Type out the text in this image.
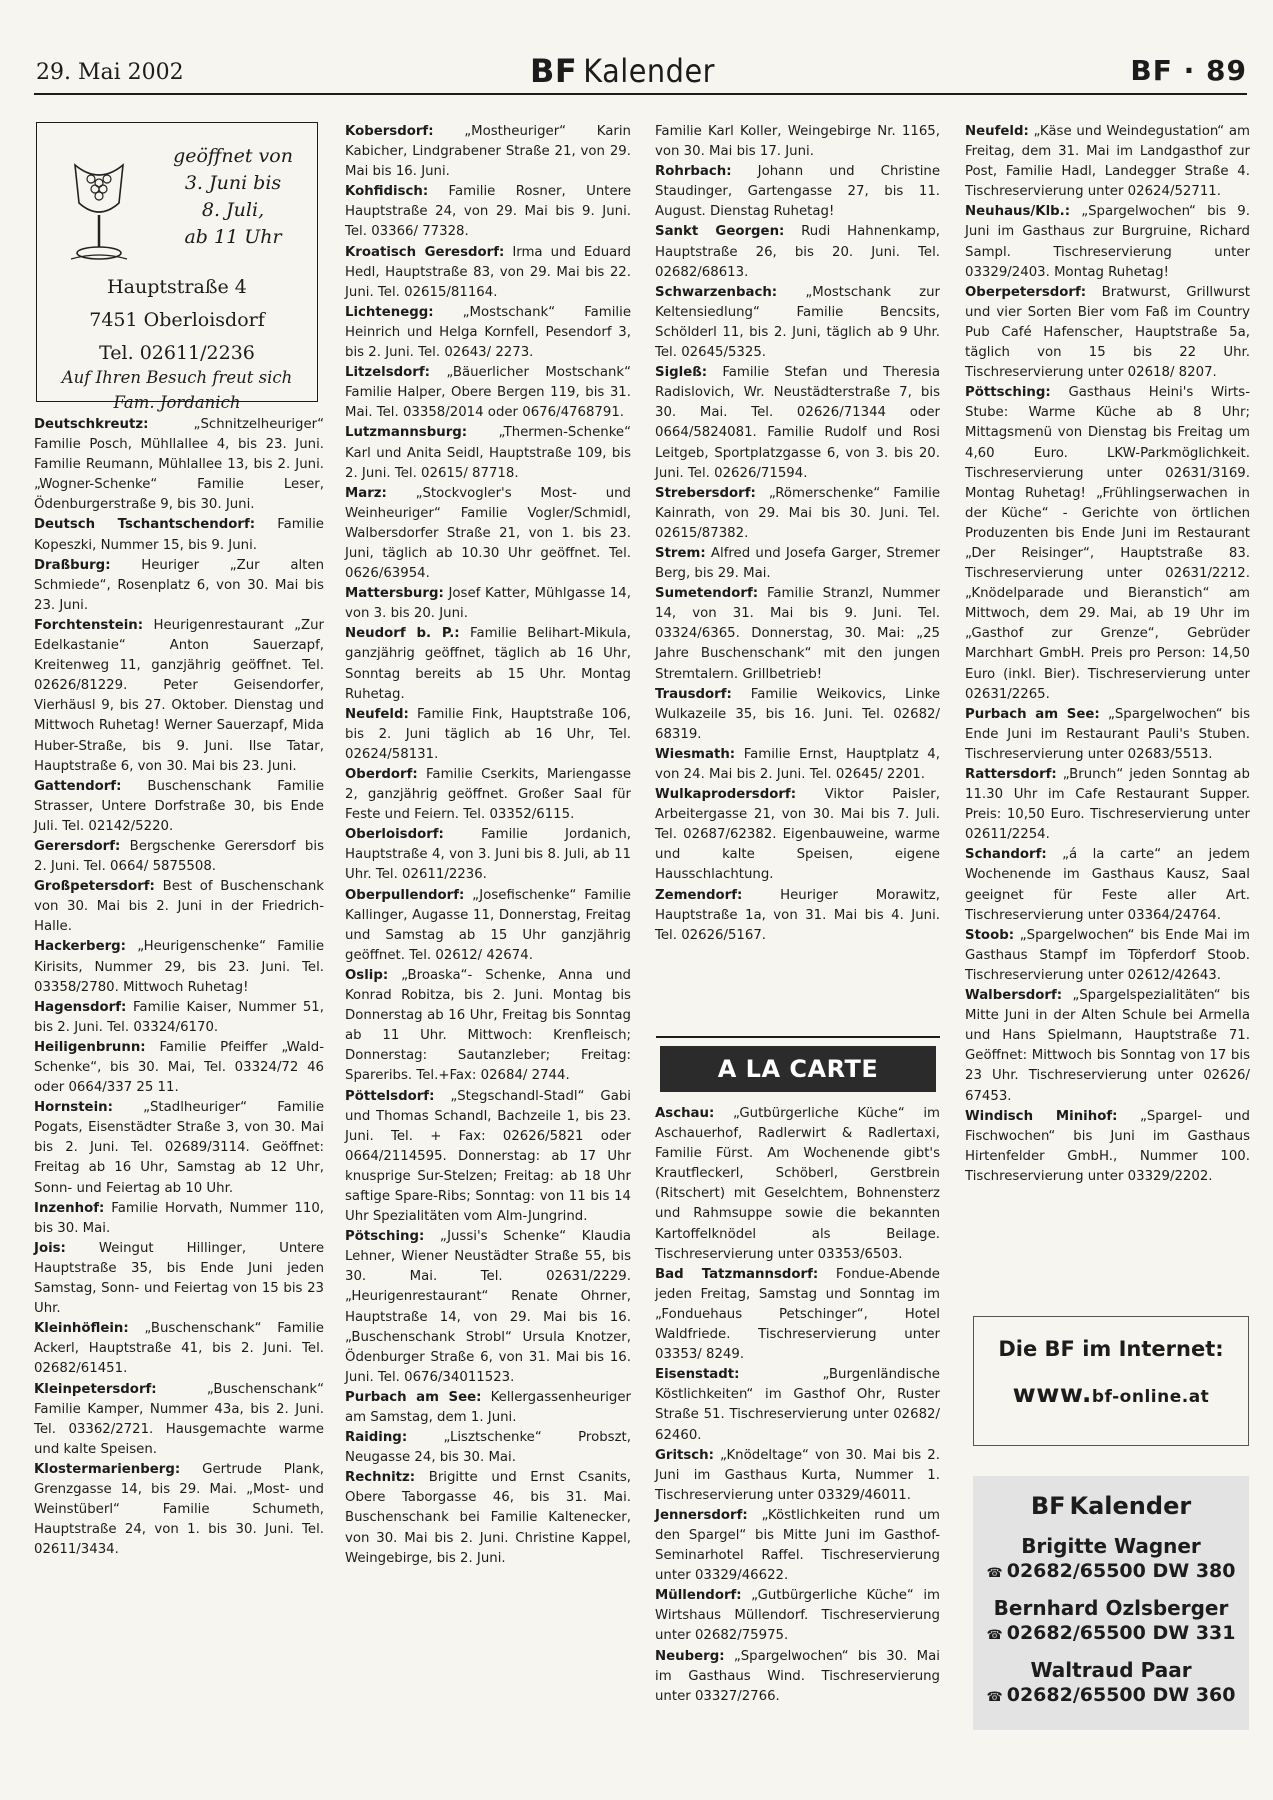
29. Mai 2002	BF Kalender	BF · 89
geöffnet von
3. Juni bis
8. Juli,
ab 11 Uhr
Hauptstraße 4
7451 Oberloisdorf
Tel. 02611/2236
Auf Ihren Besuch freut sich
Fam. Jordanich

Deutschkreutz: „Schnitzelheuriger“ Familie Posch, Mühllallee 4, bis 23. Juni. Familie Reumann, Mühlallee 13, bis 2. Juni. „Wogner-Schenke“ Familie Leser, Ödenburgerstraße 9, bis 30. Juni.

Deutsch Tschantschendorf: Familie Kopeszki, Nummer 15, bis 9. Juni.

Draßburg: Heuriger „Zur alten Schmiede“, Rosenplatz 6, von 30. Mai bis 23. Juni.

Forchtenstein: Heurigenrestaurant „Zur Edelkastanie“ Anton Sauerzapf, Kreitenweg 11, ganzjährig geöffnet. Tel. 02626/81229. Peter Geisendorfer, Vierhäusl 9, bis 27. Oktober. Dienstag und Mittwoch Ruhetag! Werner Sauerzapf, Mida Huber-Straße, bis 9. Juni. Ilse Tatar, Hauptstraße 6, von 30. Mai bis 23. Juni.

Gattendorf: Buschenschank Familie Strasser, Untere Dorfstraße 30, bis Ende Juli. Tel. 02142/5220.

Gerersdorf: Bergschenke Gerersdorf bis 2. Juni. Tel. 0664/ 5875508.

Großpetersdorf: Best of Buschenschank von 30. Mai bis 2. Juni in der Friedrich-Halle.

Hackerberg: „Heurigenschenke“ Familie Kirisits, Nummer 29, bis 23. Juni. Tel. 03358/2780. Mittwoch Ruhetag!

Hagensdorf: Familie Kaiser, Nummer 51, bis 2. Juni. Tel. 03324/6170.

Heiligenbrunn: Familie Pfeiffer „Wald-Schenke“, bis 30. Mai, Tel. 03324/72 46 oder 0664/337 25 11.

Hornstein: „Stadlheuriger“ Familie Pogats, Eisenstädter Straße 3, von 30. Mai bis 2. Juni. Tel. 02689/3114. Geöffnet: Freitag ab 16 Uhr, Samstag ab 12 Uhr, Sonn- und Feiertag ab 10 Uhr.

Inzenhof: Familie Horvath, Nummer 110, bis 30. Mai.

Jois: Weingut Hillinger, Untere Hauptstraße 35, bis Ende Juni jeden Samstag, Sonn- und Feiertag von 15 bis 23 Uhr.

Kleinhöflein: „Buschenschank“ Familie Ackerl, Hauptstraße 41, bis 2. Juni. Tel. 02682/61451.

Kleinpetersdorf: „Buschenschank“ Familie Kamper, Nummer 43a, bis 2. Juni. Tel. 03362/2721. Hausgemachte warme und kalte Speisen.

Klostermarienberg: Gertrude Plank, Grenzgasse 14, bis 29. Mai. „Most- und Weinstüberl“ Familie Schumeth, Hauptstraße 24, von 1. bis 30. Juni. Tel. 02611/3434.

Kobersdorf: „Mostheuriger“ Karin Kabicher, Lindgrabener Straße 21, von 29. Mai bis 16. Juni.

Kohfidisch: Familie Rosner, Untere Hauptstraße 24, von 29. Mai bis 9. Juni. Tel. 03366/ 77328.

Kroatisch Geresdorf: Irma und Eduard Hedl, Hauptstraße 83, von 29. Mai bis 22. Juni. Tel. 02615/81164.

Lichtenegg: „Mostschank“ Familie Heinrich und Helga Kornfell, Pesendorf 3, bis 2. Juni. Tel. 02643/ 2273.

Litzelsdorf: „Bäuerlicher Mostschank“ Familie Halper, Obere Bergen 119, bis 31. Mai. Tel. 03358/2014 oder 0676/4768791.

Lutzmannsburg: „Thermen-Schenke“ Karl und Anita Seidl, Hauptstraße 109, bis 2. Juni. Tel. 02615/ 87718.

Marz: „Stockvogler's Most- und Weinheuriger“ Familie Vogler/Schmidl, Walbersdorfer Straße 21, von 1. bis 23. Juni, täglich ab 10.30 Uhr geöffnet. Tel. 0626/63954.

Mattersburg: Josef Katter, Mühlgasse 14, von 3. bis 20. Juni.

Neudorf b. P.: Familie Belihart-Mikula, ganzjährig geöffnet, täglich ab 16 Uhr, Sonntag bereits ab 15 Uhr. Montag Ruhetag.

Neufeld: Familie Fink, Hauptstraße 106, bis 2. Juni täglich ab 16 Uhr, Tel. 02624/58131.

Oberdorf: Familie Cserkits, Mariengasse 2, ganzjährig geöffnet. Großer Saal für Feste und Feiern. Tel. 03352/6115.

Oberloisdorf: Familie Jordanich, Hauptstraße 4, von 3. Juni bis 8. Juli, ab 11 Uhr. Tel. 02611/2236.

Oberpullendorf: „Josefischenke“ Familie Kallinger, Augasse 11, Donnerstag, Freitag und Samstag ab 15 Uhr ganzjährig geöffnet. Tel. 02612/ 42674.

Oslip: „Broaska“- Schenke, Anna und Konrad Robitza, bis 2. Juni. Montag bis Donnerstag ab 16 Uhr, Freitag bis Sonntag ab 11 Uhr. Mittwoch: Krenfleisch; Donnerstag: Sautanzleber; Freitag: Spareribs. Tel.+Fax: 02684/ 2744.

Pöttelsdorf: „Stegschandl-Stadl“ Gabi und Thomas Schandl, Bachzeile 1, bis 23. Juni. Tel. + Fax: 02626/5821 oder 0664/2114595. Donnerstag: ab 17 Uhr knusprige Sur-Stelzen; Freitag: ab 18 Uhr saftige Spare-Ribs; Sonntag: von 11 bis 14 Uhr Spezialitäten vom Alm-Jungrind.

Pötsching: „Jussi's Schenke“ Klaudia Lehner, Wiener Neustädter Straße 55, bis 30. Mai. Tel. 02631/2229. „Heurigenrestaurant“ Renate Ohrner, Hauptstraße 14, von 29. Mai bis 16. „Buschenschank Strobl“ Ursula Knotzer, Ödenburger Straße 6, von 31. Mai bis 16. Juni. Tel. 0676/34011523.

Purbach am See: Kellergassenheuriger am Samstag, dem 1. Juni.

Raiding: „Lisztschenke“ Probszt, Neugasse 24, bis 30. Mai.

Rechnitz: Brigitte und Ernst Csanits, Obere Taborgasse 46, bis 31. Mai. Buschenschank bei Familie Kaltenecker, von 30. Mai bis 2. Juni. Christine Kappel, Weingebirge, bis 2. Juni.

Familie Karl Koller, Weingebirge Nr. 1165, von 30. Mai bis 17. Juni.

Rohrbach: Johann und Christine Staudinger, Gartengasse 27, bis 11. August. Dienstag Ruhetag!

Sankt Georgen: Rudi Hahnenkamp, Hauptstraße 26, bis 20. Juni. Tel. 02682/68613.

Schwarzenbach: „Mostschank zur Keltensiedlung“ Familie Bencsits, Schölderl 11, bis 2. Juni, täglich ab 9 Uhr. Tel. 02645/5325.

Sigleß: Familie Stefan und Theresia Radislovich, Wr. Neustädterstraße 7, bis 30. Mai. Tel. 02626/71344 oder 0664/5824081. Familie Rudolf und Rosi Leitgeb, Sportplatzgasse 6, von 3. bis 20. Juni. Tel. 02626/71594.

Strebersdorf: „Römerschenke“ Familie Kainrath, von 29. Mai bis 30. Juni. Tel. 02615/87382.

Strem: Alfred und Josefa Garger, Stremer Berg, bis 29. Mai.

Sumetendorf: Familie Stranzl, Nummer 14, von 31. Mai bis 9. Juni. Tel. 03324/6365. Donnerstag, 30. Mai: „25 Jahre Buschenschank“ mit den jungen Stremtalern. Grillbetrieb!

Trausdorf: Familie Weikovics, Linke Wulkazeile 35, bis 16. Juni. Tel. 02682/ 68319.

Wiesmath: Familie Ernst, Hauptplatz 4, von 24. Mai bis 2. Juni. Tel. 02645/ 2201.

Wulkaprodersdorf: Viktor Paisler, Arbeitergasse 21, von 30. Mai bis 7. Juli. Tel. 02687/62382. Eigenbauweine, warme und kalte Speisen, eigene Hausschlachtung.

Zemendorf: Heuriger Morawitz, Hauptstraße 1a, von 31. Mai bis 4. Juni. Tel. 02626/5167.

A LA CARTE

Aschau: „Gutbürgerliche Küche“ im Aschauerhof, Radlerwirt & Radlertaxi, Familie Fürst. Am Wochenende gibt's Krautfleckerl, Schöberl, Gerstbrein (Ritschert) mit Geselchtem, Bohnensterz und Rahmsuppe sowie die bekannten Kartoffelknödel als Beilage. Tischreservierung unter 03353/6503.

Bad Tatzmannsdorf: Fondue-Abende jeden Freitag, Samstag und Sonntag im „Fonduehaus Petschinger“, Hotel Waldfriede. Tischreservierung unter 03353/ 8249.

Eisenstadt: „Burgenländische Köstlichkeiten“ im Gasthof Ohr, Ruster Straße 51. Tischreservierung unter 02682/ 62460.

Gritsch: „Knödeltage“ von 30. Mai bis 2. Juni im Gasthaus Kurta, Nummer 1. Tischreservierung unter 03329/46011.

Jennersdorf: „Köstlichkeiten rund um den Spargel“ bis Mitte Juni im Gasthof-Seminarhotel Raffel. Tischreservierung unter 03329/46622.

Müllendorf: „Gutbürgerliche Küche“ im Wirtshaus Müllendorf. Tischreservierung unter 02682/75975.

Neuberg: „Spargelwochen“ bis 30. Mai im Gasthaus Wind. Tischreservierung unter 03327/2766.

Neufeld: „Käse und Weindegustation“ am Freitag, dem 31. Mai im Landgasthof zur Post, Familie Hadl, Landegger Straße 4. Tischreservierung unter 02624/52711.

Neuhaus/Klb.: „Spargelwochen“ bis 9. Juni im Gasthaus zur Burgruine, Richard Sampl. Tischreservierung unter 03329/2403. Montag Ruhetag!

Oberpetersdorf: Bratwurst, Grillwurst und vier Sorten Bier vom Faß im Country Pub Café Hafenscher, Hauptstraße 5a, täglich von 15 bis 22 Uhr. Tischreservierung unter 02618/ 8207.

Pöttsching: Gasthaus Heini's Wirts-Stube: Warme Küche ab 8 Uhr; Mittagsmenü von Dienstag bis Freitag um 4,60 Euro. LKW-Parkmöglichkeit. Tischreservierung unter 02631/3169. Montag Ruhetag! „Frühlingserwachen in der Küche“ - Gerichte von örtlichen Produzenten bis Ende Juni im Restaurant „Der Reisinger“, Hauptstraße 83. Tischreservierung unter 02631/2212. „Knödelparade und Bieranstich“ am Mittwoch, dem 29. Mai, ab 19 Uhr im „Gasthof zur Grenze“, Gebrüder Marchhart GmbH. Preis pro Person: 14,50 Euro (inkl. Bier). Tischreservierung unter 02631/2265.

Purbach am See: „Spargelwochen“ bis Ende Juni im Restaurant Pauli's Stuben. Tischreservierung unter 02683/5513.

Rattersdorf: „Brunch“ jeden Sonntag ab 11.30 Uhr im Cafe Restaurant Supper. Preis: 10,50 Euro. Tischreservierung unter 02611/2254.

Schandorf: „á la carte“ an jedem Wochenende im Gasthaus Kausz, Saal geeignet für Feste aller Art. Tischreservierung unter 03364/24764.

Stoob: „Spargelwochen“ bis Ende Mai im Gasthaus Stampf im Töpferdorf Stoob. Tischreservierung unter 02612/42643.

Walbersdorf: „Spargelspezialitäten“ bis Mitte Juni in der Alten Schule bei Armella und Hans Spielmann, Hauptstraße 71. Geöffnet: Mittwoch bis Sonntag von 17 bis 23 Uhr. Tischreservierung unter 02626/ 67453.

Windisch Minihof: „Spargel- und Fischwochen“ bis Juni im Gasthaus Hirtenfelder GmbH., Nummer 100. Tischreservierung unter 03329/2202.

Die BF im Internet:
www.bf-online.at
BF Kalender
Brigitte Wagner
☎ 02682/65500 DW 380
Bernhard Ozlsberger
☎ 02682/65500 DW 331
Waltraud Paar
☎ 02682/65500 DW 360
